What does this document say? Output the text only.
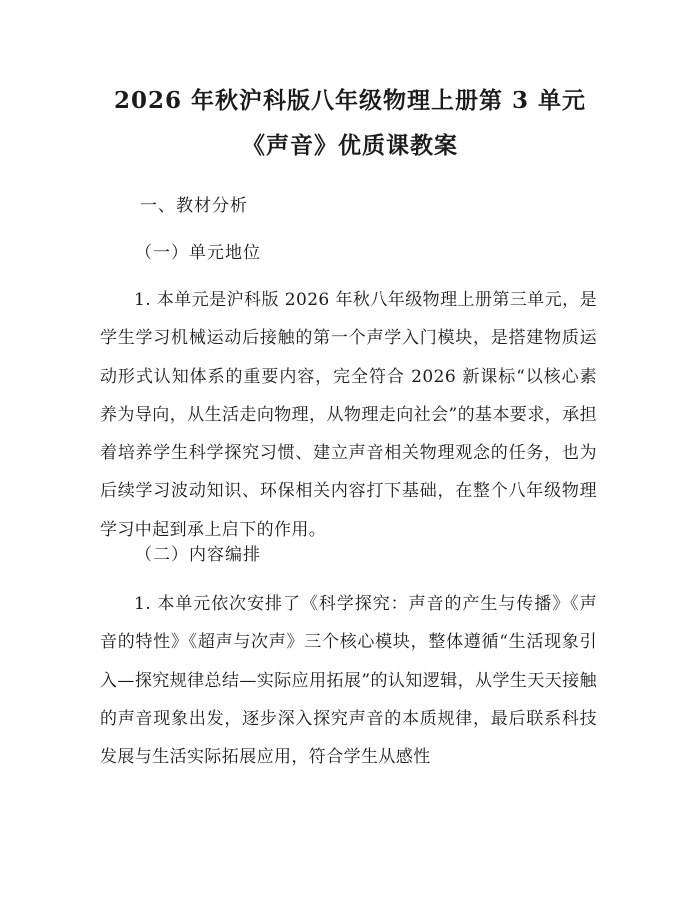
2026 年秋沪科版八年级物理上册第 3 单元
《声音》优质课教案
一、教材分析
（一）单元地位

1. 本单元是沪科版 2026 年秋八年级物理上册第三单元，是学生学习机械运动后接触的第一个声学入门模块，是搭建物质运动形式认知体系的重要内容，完全符合 2026 新课标“以核心素养为导向，从生活走向物理，从物理走向社会”的基本要求，承担着培养学生科学探究习惯、建立声音相关物理观念的任务，也为后续学习波动知识、环保相关内容打下基础，在整个八年级物理学习中起到承上启下的作用。

（二）内容编排

1. 本单元依次安排了《科学探究：声音的产生与传播》《声音的特性》《超声与次声》三个核心模块，整体遵循“生活现象引入—探究规律总结—实际应用拓展”的认知逻辑，从学生天天接触的声音现象出发，逐步深入探究声音的本质规律，最后联系科技发展与生活实际拓展应用，符合学生从感性
